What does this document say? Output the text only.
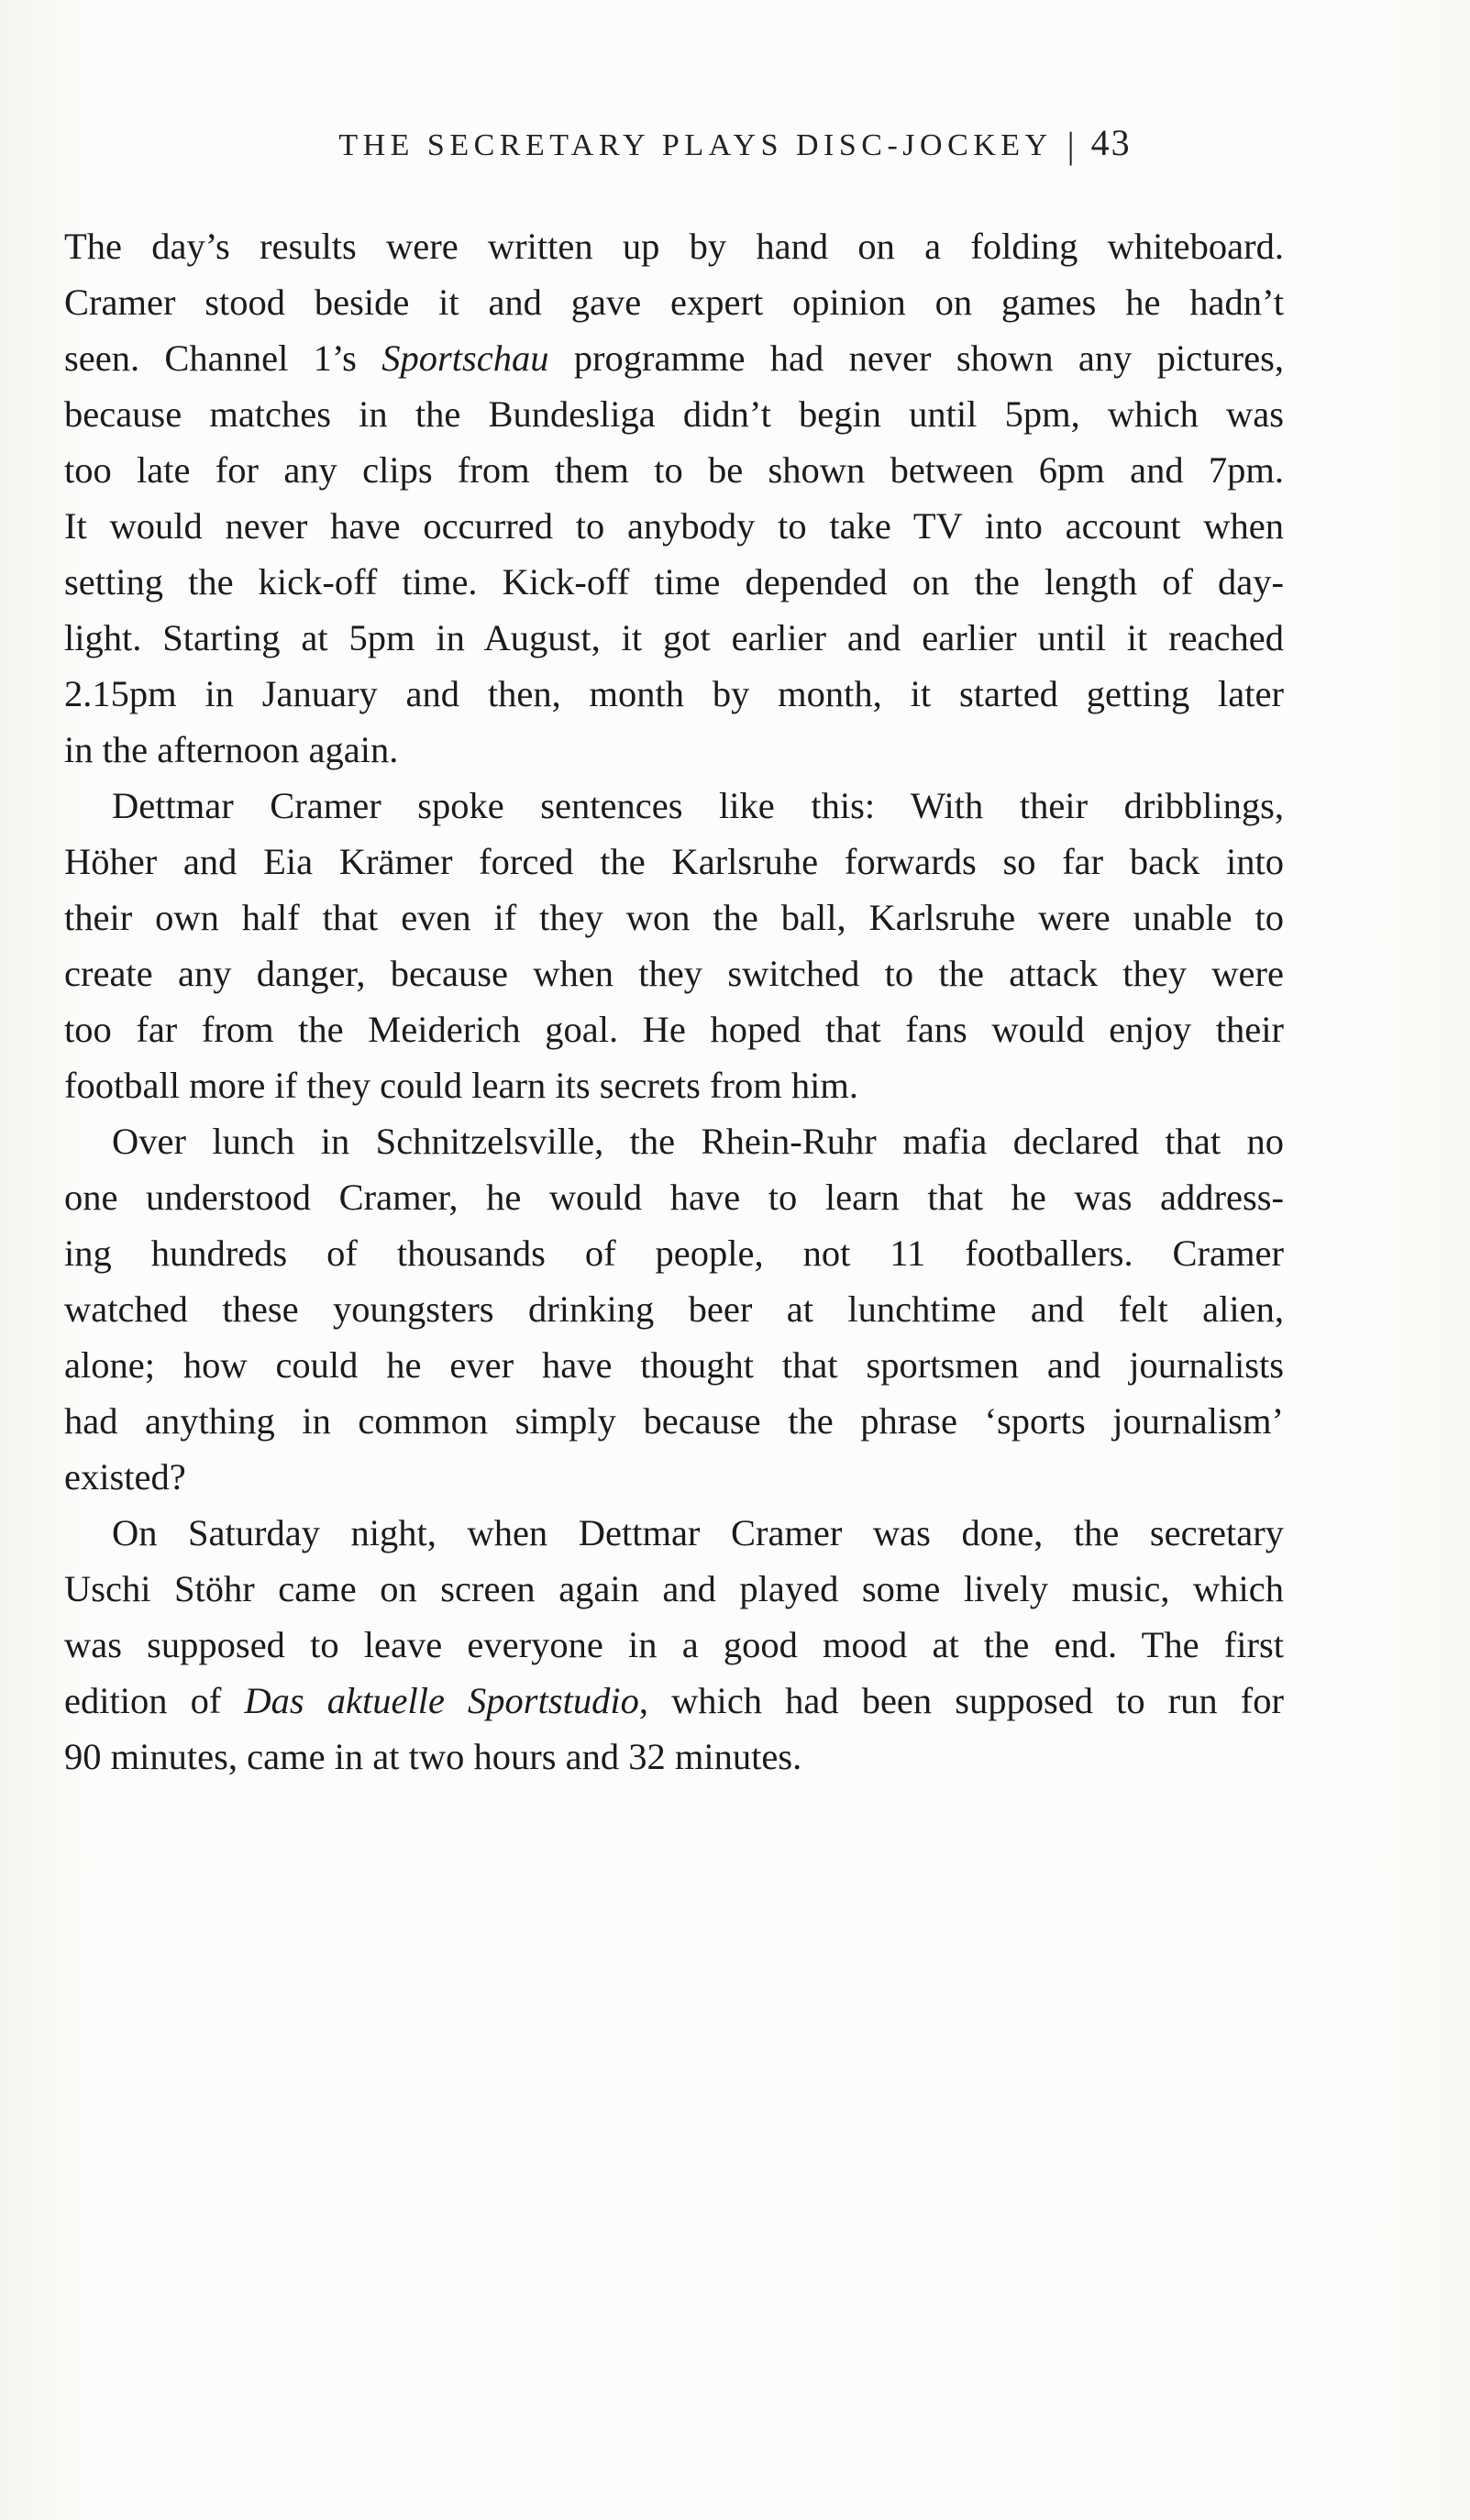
THE SECRETARY PLAYS DISC-JOCKEY | 43

The day’s results were written up by hand on a folding whiteboard.
Cramer stood beside it and gave expert opinion on games he hadn’t
seen. Channel 1’s Sportschau programme had never shown any pictures,
because matches in the Bundesliga didn’t begin until 5pm, which was
too late for any clips from them to be shown between 6pm and 7pm.
It would never have occurred to anybody to take TV into account when
setting the kick-off time. Kick-off time depended on the length of day-
light. Starting at 5pm in August, it got earlier and earlier until it reached
2.15pm in January and then, month by month, it started getting later
in the afternoon again.

Dettmar Cramer spoke sentences like this: With their dribblings,
Höher and Eia Krämer forced the Karlsruhe forwards so far back into
their own half that even if they won the ball, Karlsruhe were unable to
create any danger, because when they switched to the attack they were
too far from the Meiderich goal. He hoped that fans would enjoy their
football more if they could learn its secrets from him.

Over lunch in Schnitzelsville, the Rhein-Ruhr mafia declared that no
one understood Cramer, he would have to learn that he was address-
ing hundreds of thousands of people, not 11 footballers. Cramer
watched these youngsters drinking beer at lunchtime and felt alien,
alone; how could he ever have thought that sportsmen and journalists
had anything in common simply because the phrase ‘sports journalism’
existed?

On Saturday night, when Dettmar Cramer was done, the secretary
Uschi Stöhr came on screen again and played some lively music, which
was supposed to leave everyone in a good mood at the end. The first
edition of Das aktuelle Sportstudio, which had been supposed to run for
90 minutes, came in at two hours and 32 minutes.
